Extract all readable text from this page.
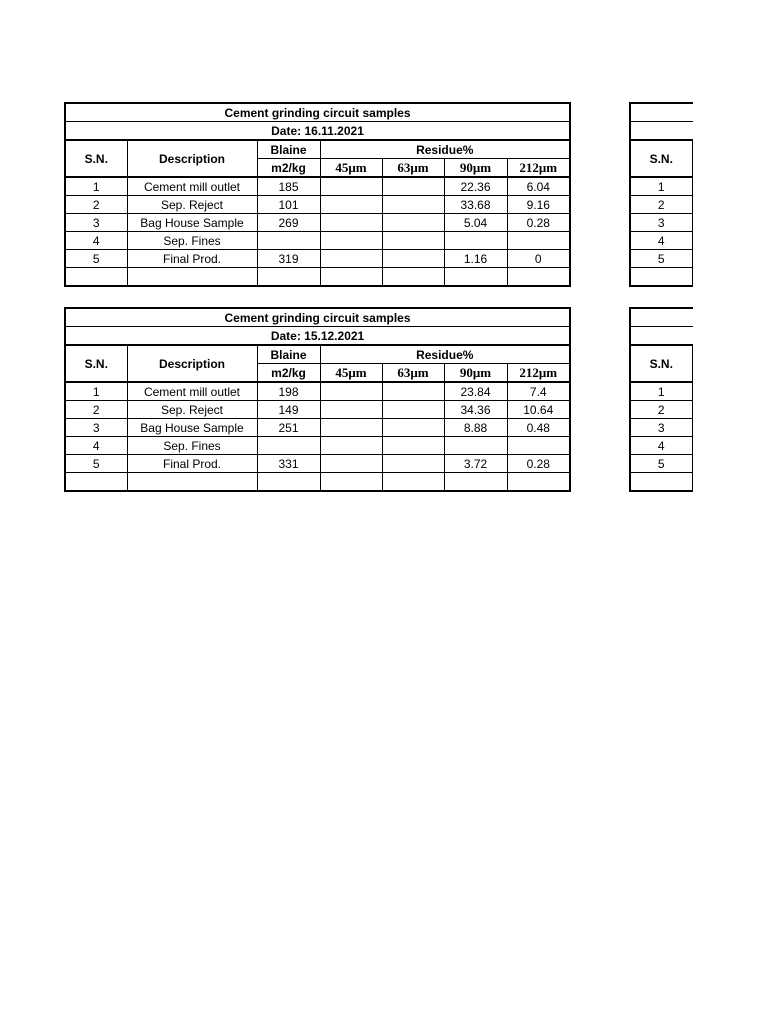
Cement grinding circuit samples						
Date: 16.11.2021						
S.N.	Description	Blaine	Residue%			
		m2/kg	45μm	63μm	90μm	212μm
1	Cement mill outlet	185			22.36	6.04
2	Sep. Reject	101			33.68	9.16
3	Bag House Sample	269			5.04	0.28
4	Sep. Fines					
5	Final Prod.	319			1.16	0

Cement grinding circuit samples						
Date: 15.12.2021						
S.N.	Description	Blaine	Residue%			
		m2/kg	45μm	63μm	90μm	212μm
1	Cement mill outlet	198			23.84	7.4
2	Sep. Reject	149			34.36	10.64
3	Bag House Sample	251			8.88	0.48
4	Sep. Fines					
5	Final Prod.	331			3.72	0.28

S.N.	

1	
2	
3	
4	
5	

S.N.	

1	
2	
3	
4	
5	
